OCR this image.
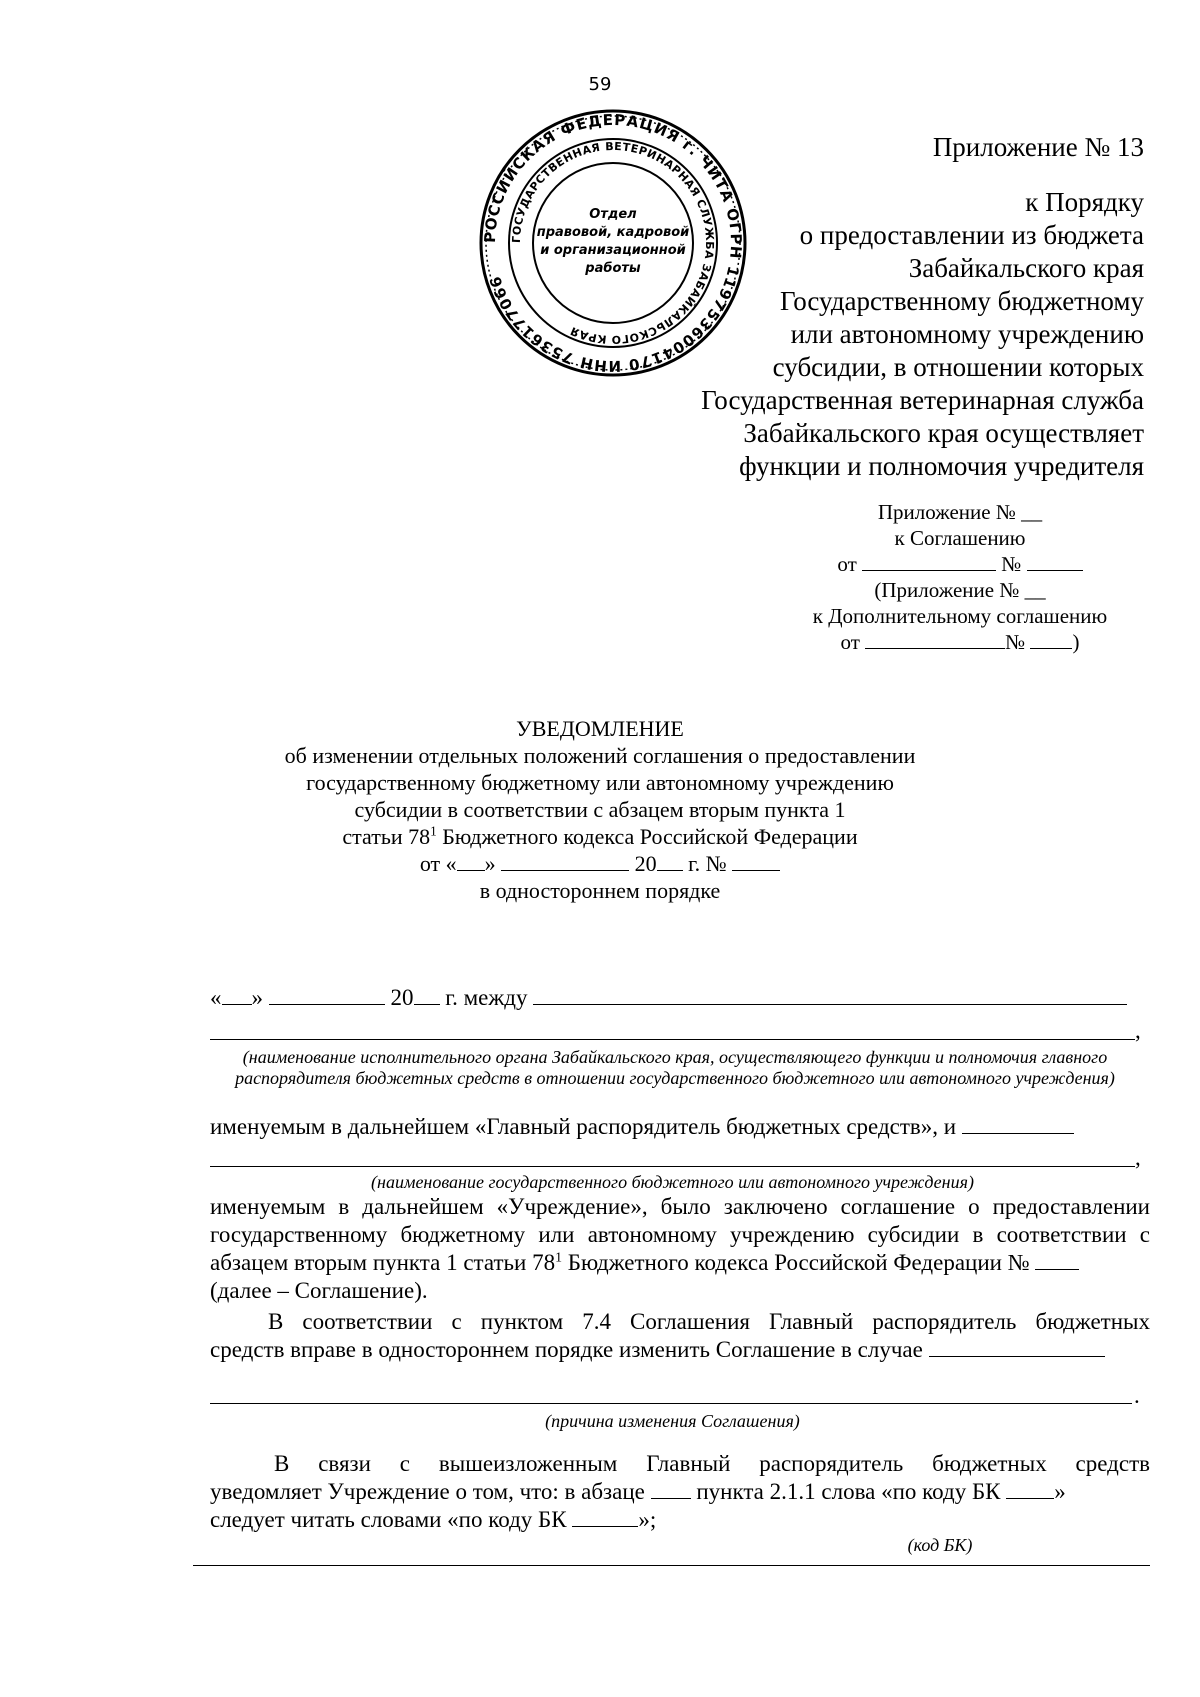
59
РОССИЙСКАЯ ФЕДЕРАЦИЯ г. ЧИТА ОГРН 1197536004170 ИНН 7536177066
ГОСУДАРСТВЕННАЯ ВЕТЕРИНАРНАЯ СЛУЖБА ЗАБАЙКАЛЬСКОГО КРАЯ
Отдел
правовой, кадровой
и организационной
работы
Приложение № 13
к Порядку
о предоставлении из бюджета
Забайкальского края
Государственному бюджетному
или автономному учреждению
субсидии, в отношении которых
Государственная ветеринарная служба
Забайкальского края осуществляет
функции и полномочия учредителя
Приложение № __
к Соглашению
от	№
(Приложение № __
к Дополнительному соглашению
от	№ )
УВЕДОМЛЕНИЕ
об изменении отдельных положений соглашения о предоставлении
государственному бюджетному или автономному учреждению
субсидии в соответствии с абзацем вторым пункта 1
статьи $78^1$ Бюджетного кодекса Российской Федерации
от « »	20 г. №
в одностороннем порядке
« »	20 г. между
,
(наименование исполнительного органа Забайкальского края, осуществляющего функции и полномочия главного распорядителя бюджетных средств в отношении государственного бюджетного или автономного учреждения)
именуемым в дальнейшем «Главный распорядитель бюджетных средств», и
,
(наименование государственного бюджетного или автономного учреждения)
именуемым в дальнейшем «Учреждение», было заключено соглашение о предоставлении
государственному бюджетному или автономному учреждению субсидии в соответствии с
абзацем вторым пункта 1 статьи $78^1$ Бюджетного кодекса Российской Федерации №
(далее – Соглашение).
В соответствии с пунктом 7.4 Соглашения Главный распорядитель бюджетных
средств вправе в одностороннем порядке изменить Соглашение в случае
.
(причина изменения Соглашения)
В связи с вышеизложенным Главный распорядитель бюджетных средств
уведомляет Учреждение о том, что: в абзаце пункта 2.1.1 слова «по коду БК »
следует читать словами «по коду БК	»;
(код БК)
